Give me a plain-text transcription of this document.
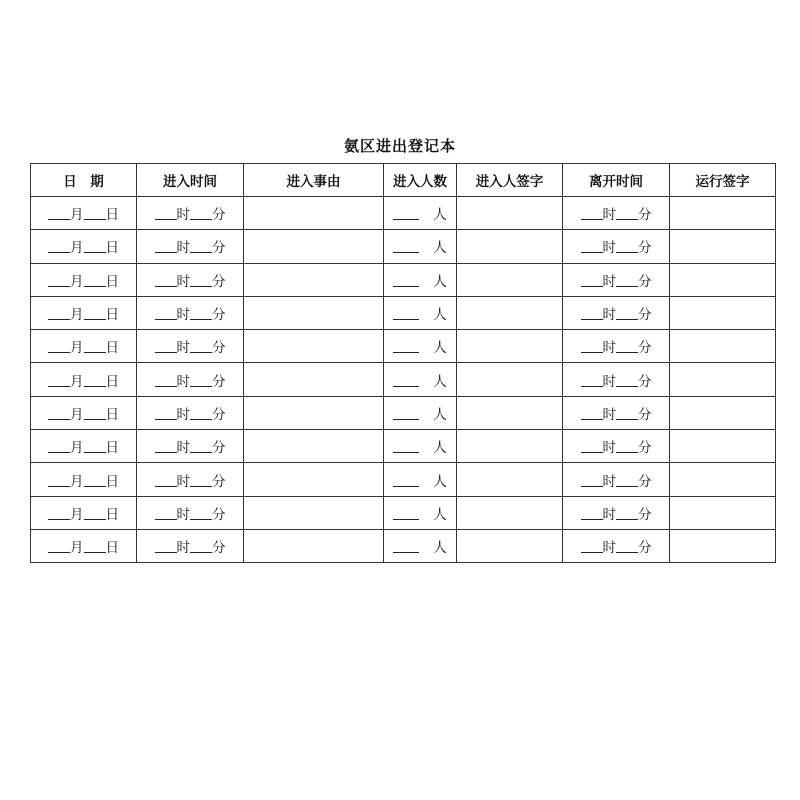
氨区进出登记本
日　期	进入时间	进入事由	进入人数	进入人签字	离开时间	运行签字
月 日	时 分		人		时 分	
月 日	时 分		人		时 分	
月 日	时 分		人		时 分	
月 日	时 分		人		时 分	
月 日	时 分		人		时 分	
月 日	时 分		人		时 分	
月 日	时 分		人		时 分	
月 日	时 分		人		时 分	
月 日	时 分		人		时 分	
月 日	时 分		人		时 分	
月 日	时 分		人		时 分	
